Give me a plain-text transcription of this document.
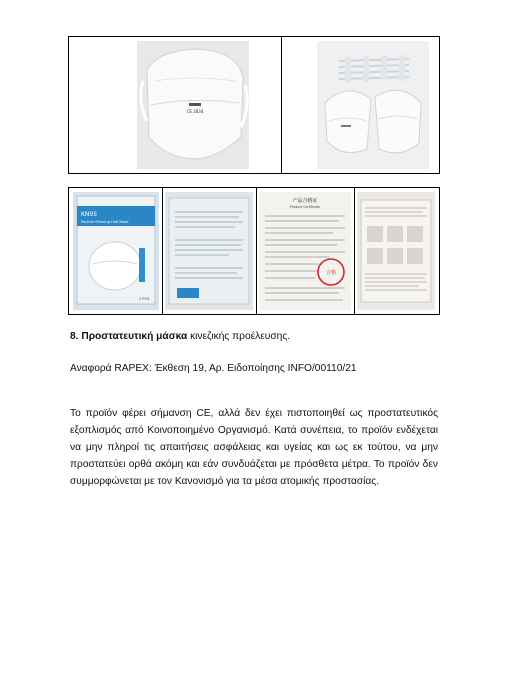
CE 2834
KN95
Particle Filtering Half Mask
2 PCS
产品合格证
Product Certificate
合格
8. Προστατευτική μάσκα κινεζικής προέλευσης.
Αναφορά RAPEX: Έκθεση 19, Αρ. Ειδοποίησης INFO/00110/21
Το προϊόν φέρει σήμανση CE, αλλά δεν έχει πιστοποιηθεί ως προστατευτικός εξοπλισμός από Κοινοποιημένο Οργανισμό. Κατά συνέπεια, το προϊόν ενδέχεται να μην πληροί τις απαιτήσεις ασφάλειας και υγείας και ως εκ τούτου, να μην προστατεύει ορθά ακόμη και εάν συνδυάζεται με πρόσθετα μέτρα. Το προϊόν δεν συμμορφώνεται με τον Κανονισμό για τα μέσα ατομικής προστασίας.
